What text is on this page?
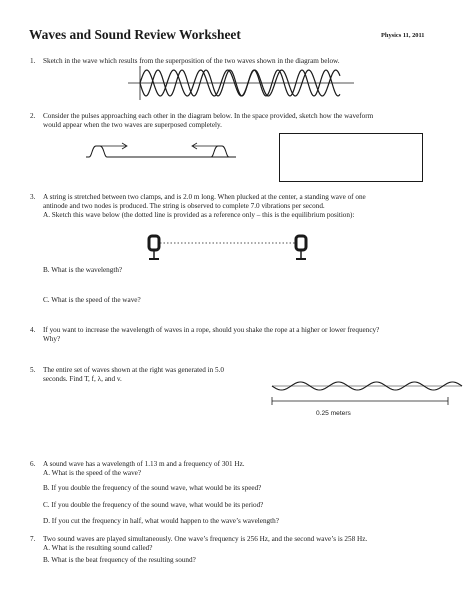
Waves and Sound Review Worksheet	Physics 11, 2011
1. Sketch in the wave which results from the superposition of the two waves shown in the diagram below.
2. Consider the pulses approaching each other in the diagram below. In the space provided, sketch how the waveform
would appear when the two waves are superposed completely.
3. A string is stretched between two clamps, and is 2.0 m long. When plucked at the center, a standing wave of one
antinode and two nodes is produced. The string is observed to complete 7.0 vibrations per second.
A. Sketch this wave below (the dotted line is provided as a reference only – this is the equilibrium position):
B. What is the wavelength?
C. What is the speed of the wave?
4. If you want to increase the wavelength of waves in a rope, should you shake the rope at a higher or lower frequency?
Why?
5. The entire set of waves shown at the right was generated in 5.0
seconds. Find T, f, λ, and v.
0.25 meters
6. A sound wave has a wavelength of 1.13 m and a frequency of 301 Hz.
A. What is the speed of the wave?
B. If you double the frequency of the sound wave, what would be its speed?
C. If you double the frequency of the sound wave, what would be its period?
D. If you cut the frequency in half, what would happen to the wave’s wavelength?
7. Two sound waves are played simultaneously. One wave’s frequency is 256 Hz, and the second wave’s is 258 Hz.
A. What is the resulting sound called?
B. What is the beat frequency of the resulting sound?
